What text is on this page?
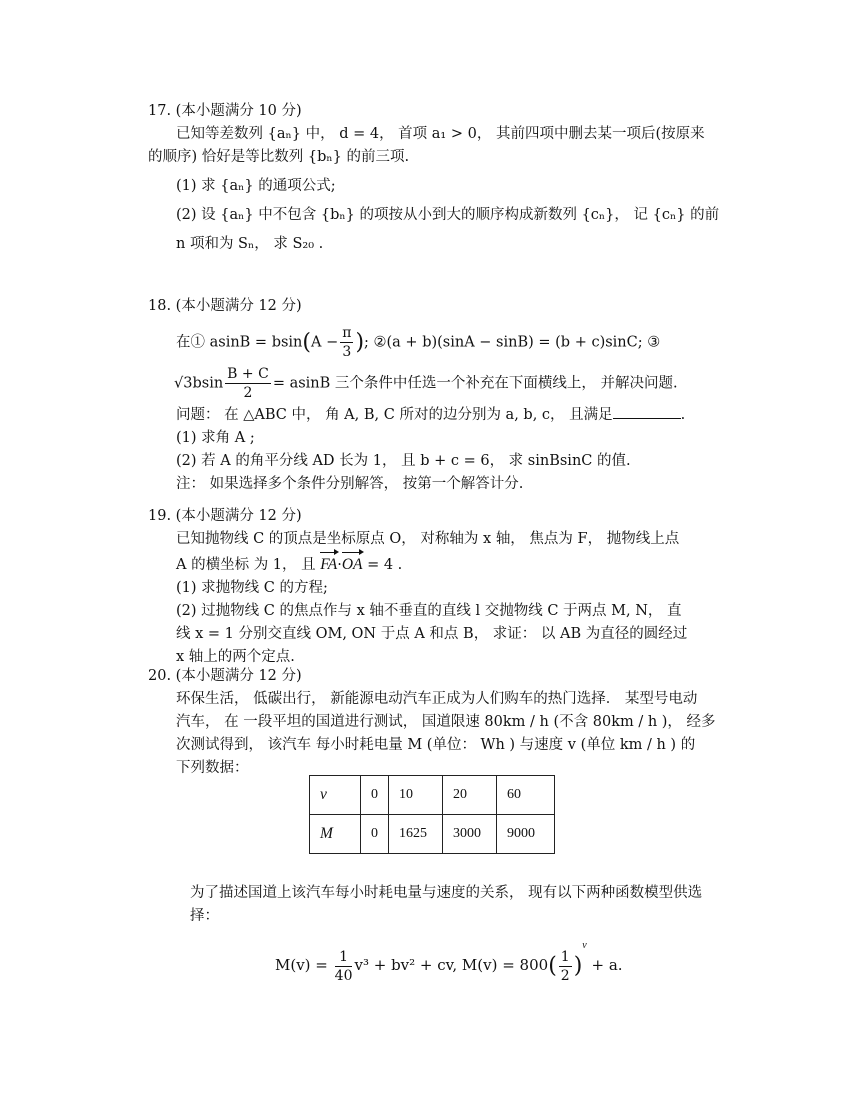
17. (本小题满分 10 分)
已知等差数列 {aₙ} 中， d = 4， 首项 a₁ > 0， 其前四项中删去某一项后(按原来
的顺序) 恰好是等比数列 {bₙ} 的前三项.
(1) 求 {aₙ} 的通项公式;
(2) 设 {aₙ} 中不包含 {bₙ} 的项按从小到大的顺序构成新数列 {cₙ}， 记 {cₙ} 的前
n 项和为 Sₙ， 求 S₂₀ .
18. (本小题满分 12 分)
在① $asinB = bsin(A - \frac{\pi}{3}$ ); ②(a + b)(sinA − sinB) = (b + c)sinC; ③
$√3bsin \frac{B + C}{2} = asinB$ 三个条件中任选一个补充在下面横线上， 并解决问题.
问题： 在 △ABC 中， 角 A, B, C 所对的边分别为 a, b, c， 且满足	.
(1) 求角 A ;
(2) 若 A 的角平分线 AD 长为 1， 且 b + c = 6， 求 sinBsinC 的值.
注： 如果选择多个条件分别解答， 按第一个解答计分.
19. (本小题满分 12 分)
已知抛物线 C 的顶点是坐标原点 O， 对称轴为 x 轴， 焦点为 F， 抛物线上点
A 的横坐标 为 1， 且 FA·OA = 4 .
(1) 求抛物线 C 的方程;
(2) 过抛物线 C 的焦点作与 x 轴不垂直的直线 l 交抛物线 C 于两点 M, N， 直
线 x = 1 分别交直线 OM, ON 于点 A 和点 B， 求证： 以 AB 为直径的圆经过
x 轴上的两个定点.
20. (本小题满分 12 分)
环保生活， 低碳出行， 新能源电动汽车正成为人们购车的热门选择． 某型号电动
汽车， 在 一段平坦的国道进行测试， 国道限速 80km / h (不含 80km / h )， 经多
次测试得到， 该汽车 每小时耗电量 M (单位： Wh ) 与速度 v (单位 km / h ) 的
下列数据：
v	0	10	20	60
M	0	1625	3000	9000
为了描述国道上该汽车每小时耗电量与速度的关系， 现有以下两种函数模型供选
择：
$M(v) = \frac{1}{40} v^3 + bv^2$ + cv, $M(v) = 800( \frac{1}{2} )^v + a$.
